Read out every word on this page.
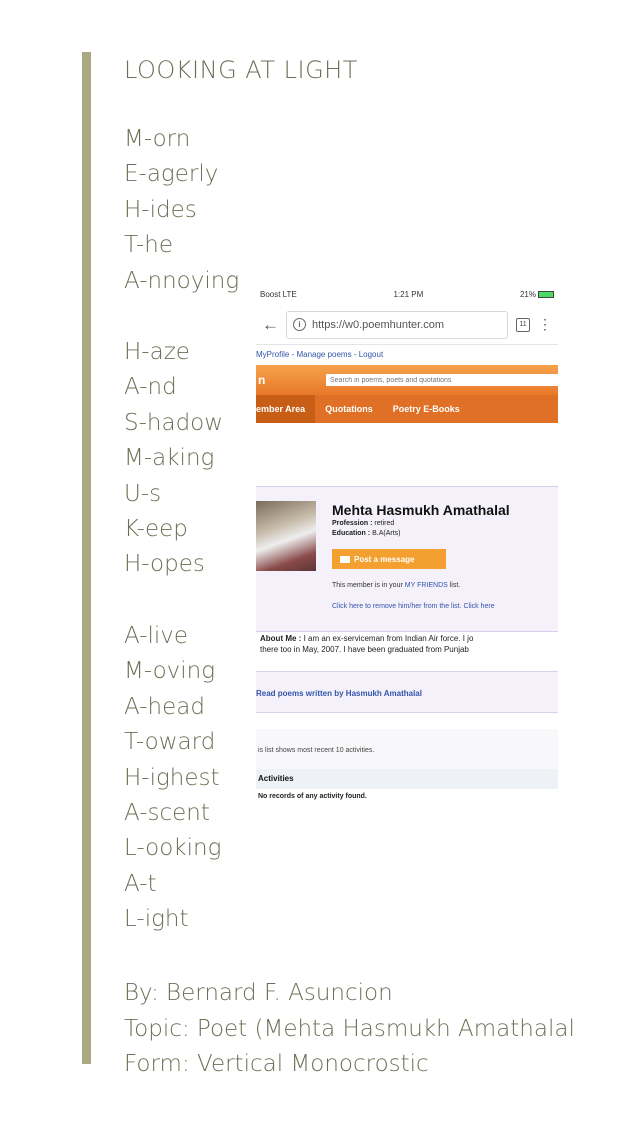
LOOKING AT LIGHT
M-orn
E-agerly
H-ides
T-he
A-nnoying
H-aze
A-nd
S-hadow
M-aking
U-s
K-eep
H-opes
A-live
M-oving
A-head
T-oward
H-ighest
A-scent
L-ooking
A-t
L-ight
By: Bernard F. Asuncion
Topic: Poet (Mehta Hasmukh Amathalal
Form: Vertical Monocrostic
Boost LTE	1:21 PM	21%
←	i	https://w0.poemhunter.com	11 ⋮
MyProfile - Manage poems - Logout
n
Search in poems, poets and quotations
ember Area	Quotations	Poetry E-Books
Mehta Hasmukh Amathalal
Profession : retired
Education : B.A(Arts)
Post a message
This member is in your MY FRIENDS list.
Click here to remove him/her from the list. Click here
About Me : I am an ex-serviceman from Indian Air force. I jo
there too in May, 2007. I have been graduated from Punjab
Read poems written by Hasmukh Amathalal
is list shows most recent 10 activities.
Activities
No records of any activity found.
